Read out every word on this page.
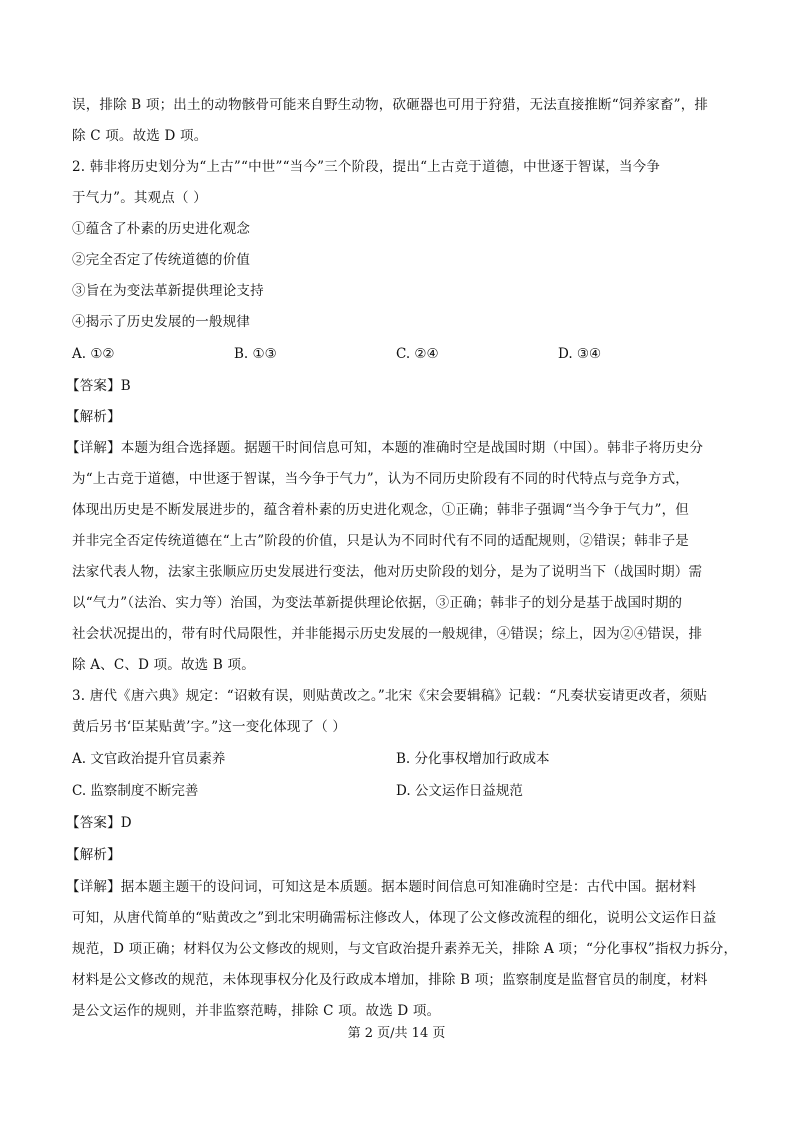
误，排除 B 项；出土的动物骸骨可能来自野生动物，砍砸器也可用于狩猎，无法直接推断“饲养家畜”，排
除 C 项。故选 D 项。
2. 韩非将历史划分为“上古”“中世”“当今”三个阶段，提出“上古竞于道德，中世逐于智谋，当今争
于气力”。其观点（ ）
①蕴含了朴素的历史进化观念
②完全否定了传统道德的价值
③旨在为变法革新提供理论支持
④揭示了历史发展的一般规律
A. ①②	B. ①③	C. ②④	D. ③④
【答案】B
【解析】
【详解】本题为组合选择题。据题干时间信息可知，本题的准确时空是战国时期（中国）。韩非子将历史分
为“上古竞于道德，中世逐于智谋，当今争于气力”，认为不同历史阶段有不同的时代特点与竞争方式，
体现出历史是不断发展进步的，蕴含着朴素的历史进化观念，①正确；韩非子强调“当今争于气力”，但
并非完全否定传统道德在“上古”阶段的价值，只是认为不同时代有不同的适配规则，②错误；韩非子是
法家代表人物，法家主张顺应历史发展进行变法，他对历史阶段的划分，是为了说明当下（战国时期）需
以“气力”（法治、实力等）治国，为变法革新提供理论依据，③正确；韩非子的划分是基于战国时期的
社会状况提出的，带有时代局限性，并非能揭示历史发展的一般规律，④错误；综上，因为②④错误，排
除 A、C、D 项。故选 B 项。
3. 唐代《唐六典》规定：“诏敕有误，则贴黄改之。”北宋《宋会要辑稿》记载：“凡奏状妄请更改者，须贴
黄后另书‘臣某贴黄’字。”这一变化体现了（ ）
A. 文官政治提升官员素养	B. 分化事权增加行政成本
C. 监察制度不断完善	D. 公文运作日益规范
【答案】D
【解析】
【详解】据本题主题干的设问词，可知这是本质题。据本题时间信息可知准确时空是：古代中国。据材料
可知，从唐代简单的“贴黄改之”到北宋明确需标注修改人，体现了公文修改流程的细化，说明公文运作日益
规范，D 项正确；材料仅为公文修改的规则，与文官政治提升素养无关，排除 A 项；“分化事权”指权力拆分，
材料是公文修改的规范，未体现事权分化及行政成本增加，排除 B 项；监察制度是监督官员的制度，材料
是公文运作的规则，并非监察范畴，排除 C 项。故选 D 项。
第 2 页/共 14 页
